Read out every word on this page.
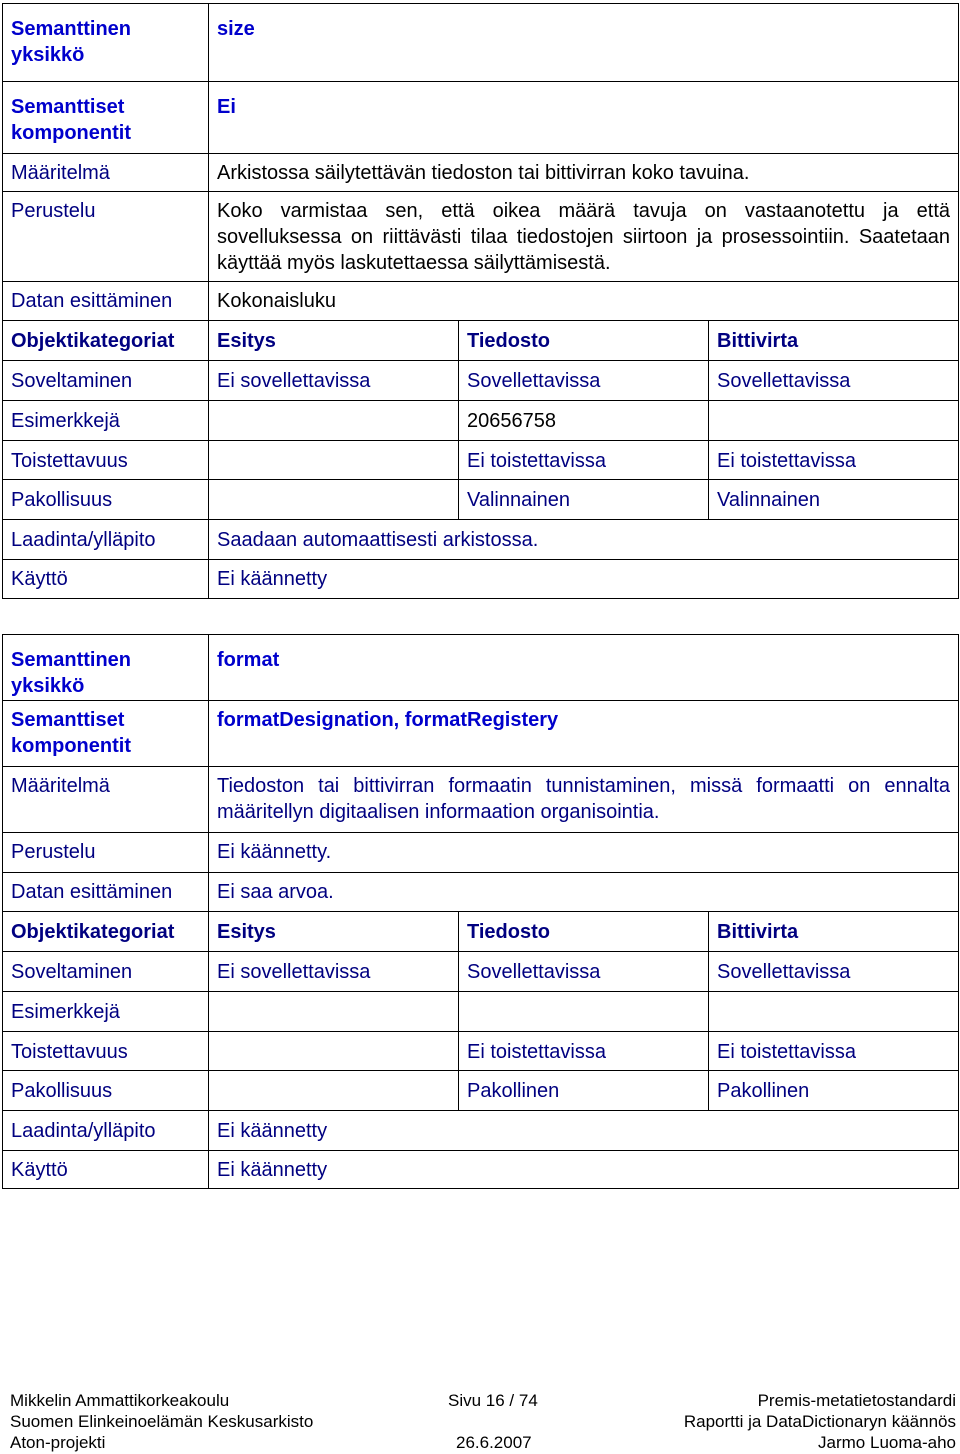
Semanttinen yksikkö	size		
Semanttiset komponentit	Ei		
Määritelmä	Arkistossa säilytettävän tiedoston tai bittivirran koko tavuina.		
Perustelu	Koko varmistaa sen, että oikea määrä tavuja on vastaanotettu ja että sovelluksessa on riittävästi tilaa tiedostojen siirtoon ja prosessointiin. Saatetaan käyttää myös laskutettaessa säilyttämisestä.		
Datan esittäminen	Kokonaisluku		
Objektikategoriat	Esitys	Tiedosto	Bittivirta
Soveltaminen	Ei sovellettavissa	Sovellettavissa	Sovellettavissa
Esimerkkejä		20656758	
Toistettavuus		Ei toistettavissa	Ei toistettavissa
Pakollisuus		Valinnainen	Valinnainen
Laadinta/ylläpito	Saadaan automaattisesti arkistossa.		
Käyttö	Ei käännetty		
Semanttinen yksikkö	format		
Semanttiset komponentit	formatDesignation, formatRegistery		
Määritelmä	Tiedoston tai bittivirran formaatin tunnistaminen, missä formaatti on ennalta määritellyn digitaalisen informaation organisointia.		
Perustelu	Ei käännetty.		
Datan esittäminen	Ei saa arvoa.		
Objektikategoriat	Esitys	Tiedosto	Bittivirta
Soveltaminen	Ei sovellettavissa	Sovellettavissa	Sovellettavissa
Esimerkkejä			
Toistettavuus		Ei toistettavissa	Ei toistettavissa
Pakollisuus		Pakollinen	Pakollinen
Laadinta/ylläpito	Ei käännetty		
Käyttö	Ei käännetty		
Mikkelin Ammattikorkeakoulu	Sivu 16 / 74	Premis-metatietostandardi
Suomen Elinkeinoelämän Keskusarkisto	Raportti ja DataDictionaryn käännös
Aton-projekti	26.6.2007	Jarmo Luoma-aho
